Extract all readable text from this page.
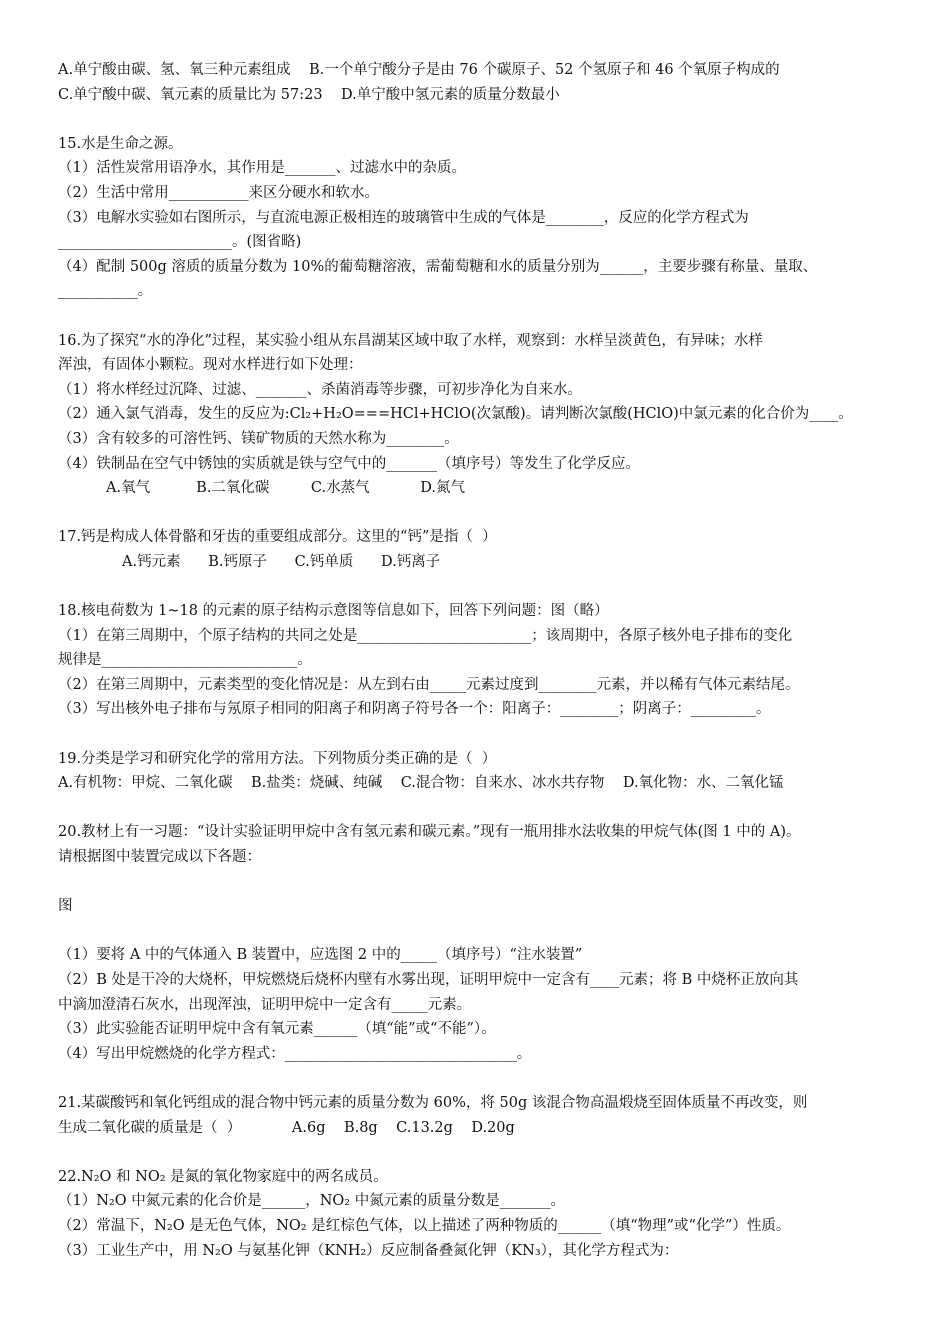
A.单宁酸由碳、氢、氧三种元素组成    B.一个单宁酸分子是由 76 个碳原子、52 个氢原子和 46 个氧原子构成的
C.单宁酸中碳、氧元素的质量比为 57:23    D.单宁酸中氢元素的质量分数最小
15.水是生命之源。
（1）活性炭常用语净水，其作用是_______、过滤水中的杂质。
（2）生活中常用___________来区分硬水和软水。
（3）电解水实验如右图所示，与直流电源正极相连的玻璃管中生成的气体是________，反应的化学方程式为
________________________。(图省略)
（4）配制 500g 溶质的质量分数为 10%的葡萄糖溶液，需葡萄糖和水的质量分别为______，主要步骤有称量、量取、
___________。
16.为了探究“水的净化”过程，某实验小组从东昌湖某区域中取了水样，观察到：水样呈淡黄色，有异味；水样
浑浊，有固体小颗粒。现对水样进行如下处理：
（1）将水样经过沉降、过滤、_______、杀菌消毒等步骤，可初步净化为自来水。
（2）通入氯气消毒，发生的反应为:Cl₂+H₂O===HCl+HClO(次氯酸)。请判断次氯酸(HClO)中氯元素的化合价为____。
（3）含有较多的可溶性钙、镁矿物质的天然水称为________。
（4）铁制品在空气中锈蚀的实质就是铁与空气中的_______（填序号）等发生了化学反应。
A.氧气          B.二氧化碳         C.水蒸气           D.氮气
17.钙是构成人体骨骼和牙齿的重要组成部分。这里的“钙”是指（  ）
A.钙元素      B.钙原子      C.钙单质      D.钙离子
18.核电荷数为 1~18 的元素的原子结构示意图等信息如下，回答下列问题：图（略）
（1）在第三周期中，个原子结构的共同之处是________________________；该周期中，各原子核外电子排布的变化
规律是___________________________。
（2）在第三周期中，元素类型的变化情况是：从左到右由_____元素过度到________元素，并以稀有气体元素结尾。
（3）写出核外电子排布与氖原子相同的阳离子和阴离子符号各一个：阳离子：________；阴离子：_________。
19.分类是学习和研究化学的常用方法。下列物质分类正确的是（  ）
A.有机物：甲烷、二氧化碳    B.盐类：烧碱、纯碱    C.混合物：自来水、冰水共存物    D.氧化物：水、二氧化锰
20.教材上有一习题：“设计实验证明甲烷中含有氢元素和碳元素。”现有一瓶用排水法收集的甲烷气体(图 1 中的 A)。
请根据图中装置完成以下各题：
图
（1）要将 A 中的气体通入 B 装置中，应选图 2 中的_____（填序号）“注水装置”
（2）B 处是干冷的大烧杯，甲烷燃烧后烧杯内壁有水雾出现，证明甲烷中一定含有____元素；将 B 中烧杯正放向其
中滴加澄清石灰水，出现浑浊，证明甲烷中一定含有_____元素。
（3）此实验能否证明甲烷中含有氧元素______（填“能”或“不能”）。
（4）写出甲烷燃烧的化学方程式：________________________________。
21.某碳酸钙和氧化钙组成的混合物中钙元素的质量分数为 60%，将 50g 该混合物高温煅烧至固体质量不再改变，则
生成二氧化碳的质量是（  ）           A.6g    B.8g    C.13.2g    D.20g
22.N₂O 和 NO₂ 是氮的氧化物家庭中的两名成员。
（1）N₂O 中氮元素的化合价是______，NO₂ 中氮元素的质量分数是_______。
（2）常温下，N₂O 是无色气体，NO₂ 是红棕色气体，以上描述了两种物质的______（填“物理”或“化学”）性质。
（3）工业生产中，用 N₂O 与氨基化钾（KNH₂）反应制备叠氮化钾（KN₃），其化学方程式为：
